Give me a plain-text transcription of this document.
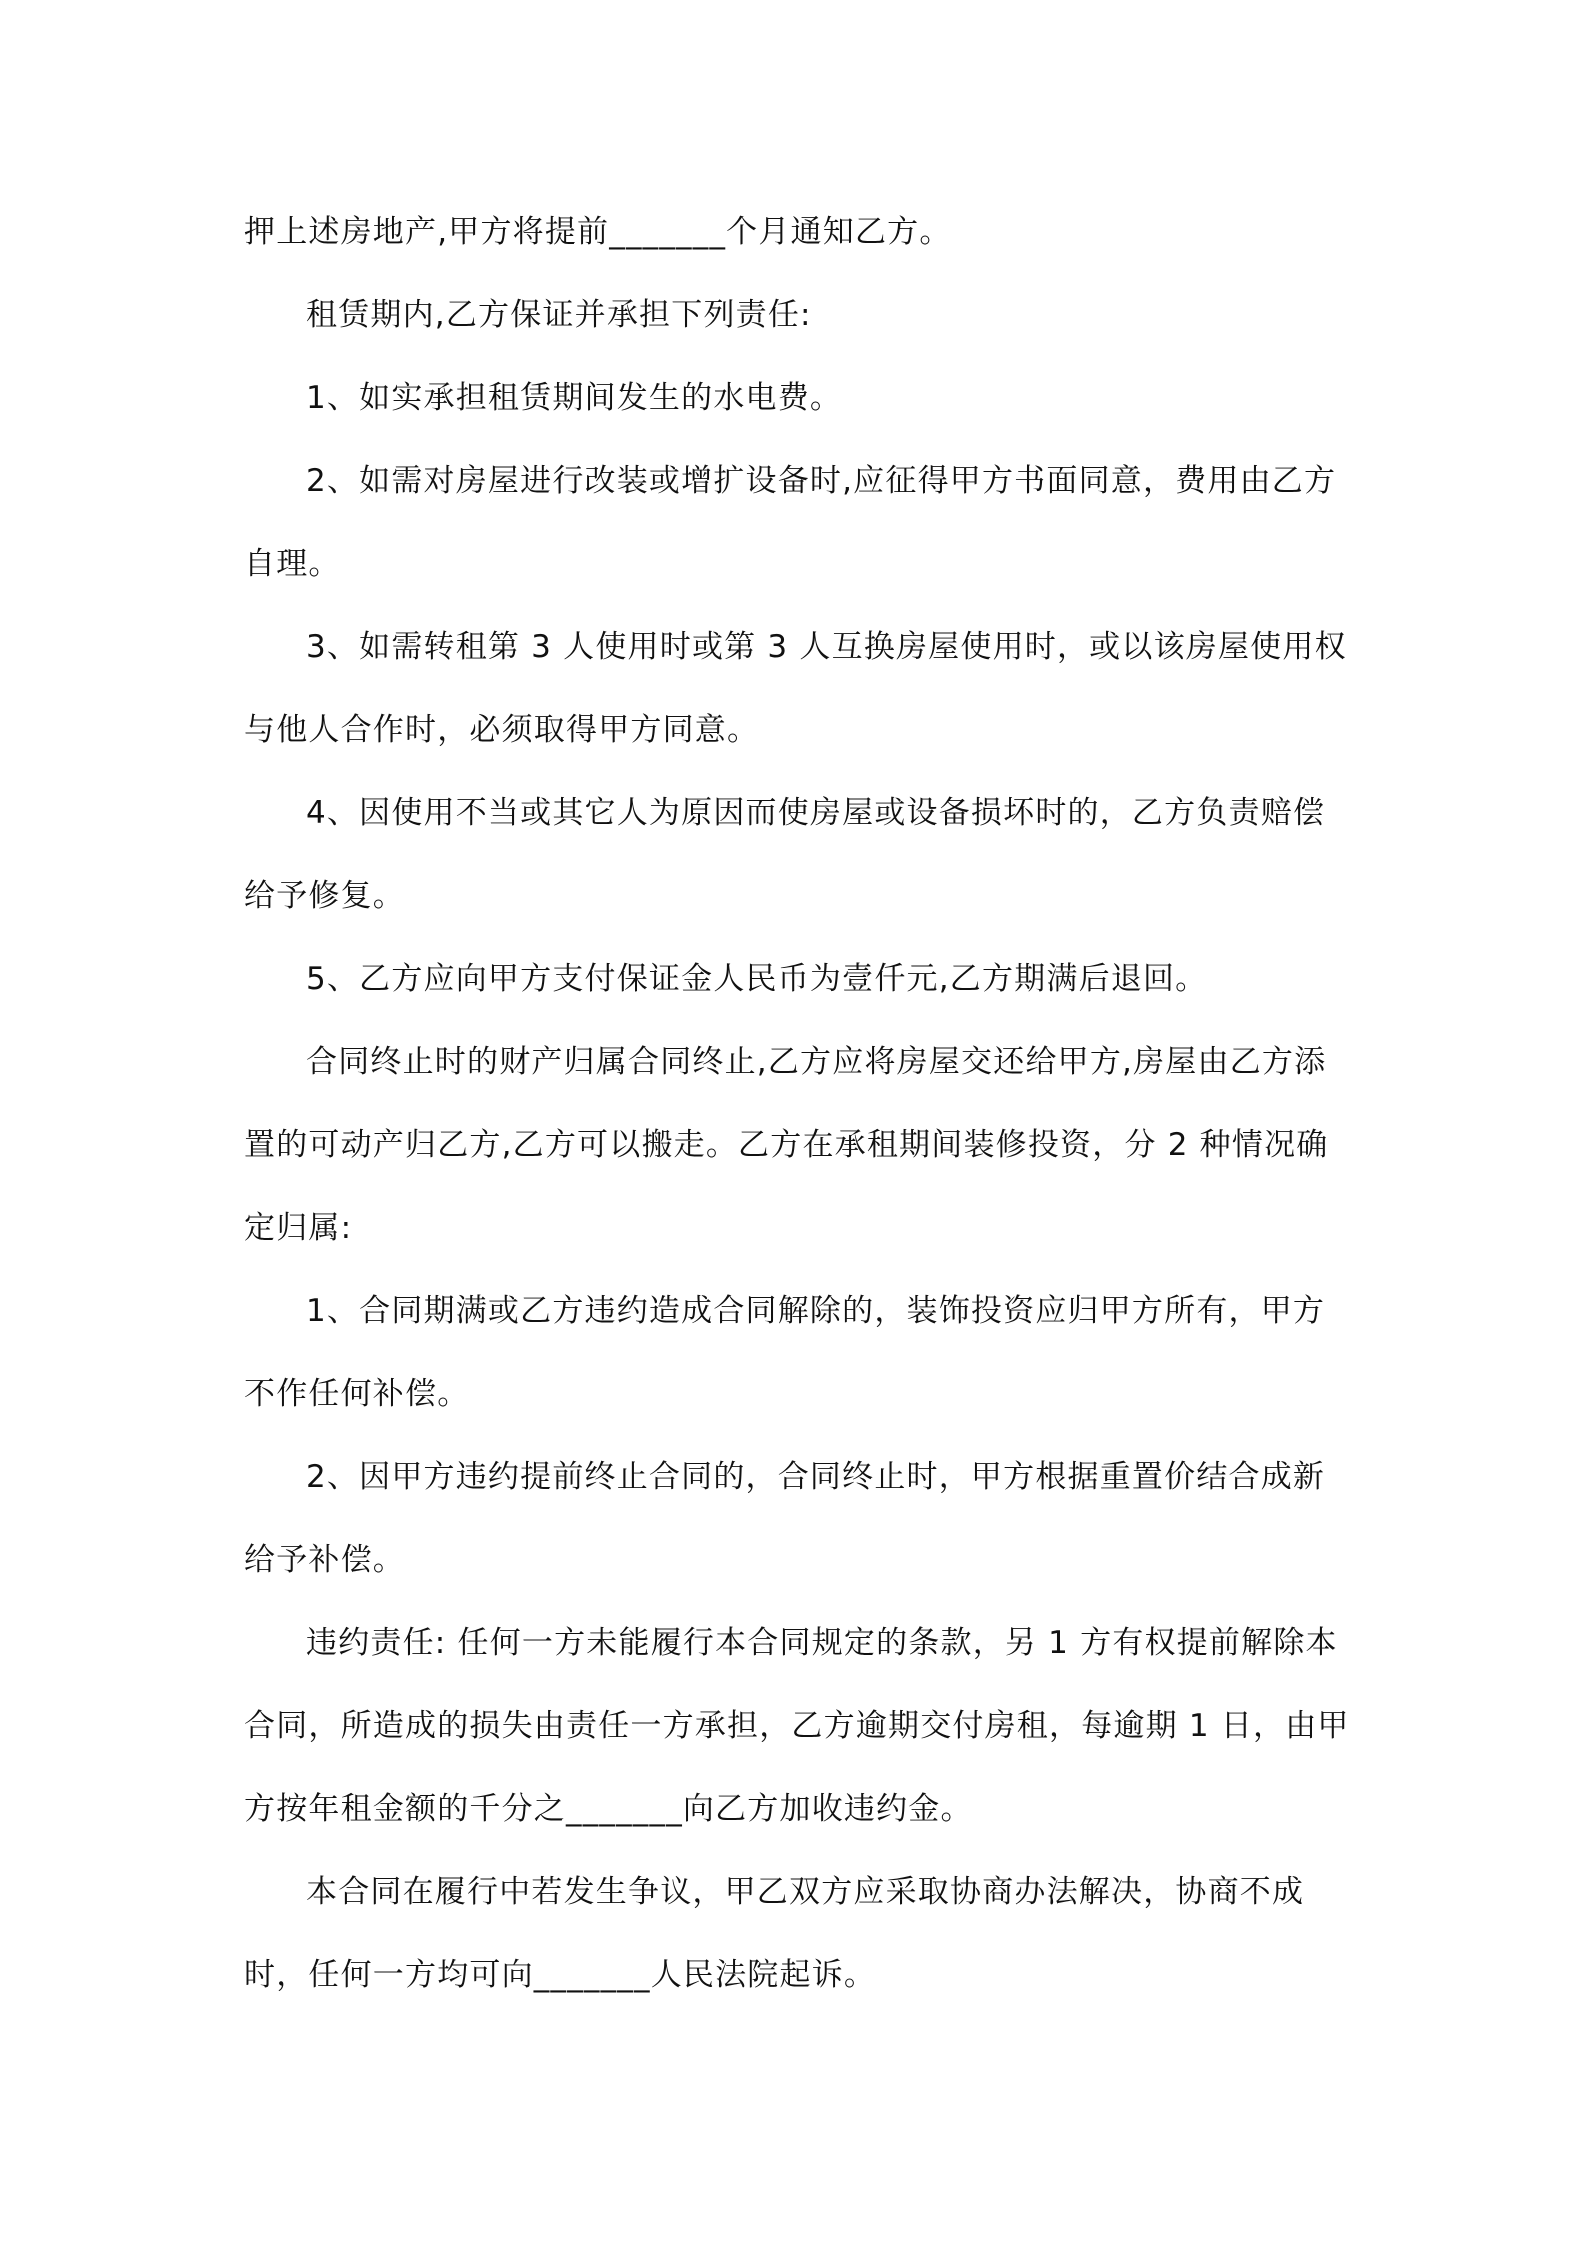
押上述房地产,甲方将提前_______个月通知乙方。

租赁期内,乙方保证并承担下列责任:

1、如实承担租赁期间发生的水电费。

2、如需对房屋进行改装或增扩设备时,应征得甲方书面同意，费用由乙方自理。

3、如需转租第 3 人使用时或第 3 人互换房屋使用时，或以该房屋使用权与他人合作时，必须取得甲方同意。

4、因使用不当或其它人为原因而使房屋或设备损坏时的，乙方负责赔偿给予修复。

5、乙方应向甲方支付保证金人民币为壹仟元,乙方期满后退回。

合同终止时的财产归属合同终止,乙方应将房屋交还给甲方,房屋由乙方添置的可动产归乙方,乙方可以搬走。乙方在承租期间装修投资，分 2 种情况确定归属:

1、合同期满或乙方违约造成合同解除的，装饰投资应归甲方所有，甲方不作任何补偿。

2、因甲方违约提前终止合同的，合同终止时，甲方根据重置价结合成新给予补偿。

违约责任: 任何一方未能履行本合同规定的条款，另 1 方有权提前解除本合同，所造成的损失由责任一方承担，乙方逾期交付房租，每逾期 1 日，由甲方按年租金额的千分之_______向乙方加收违约金。

本合同在履行中若发生争议，甲乙双方应采取协商办法解决，协商不成时，任何一方均可向_______人民法院起诉。
